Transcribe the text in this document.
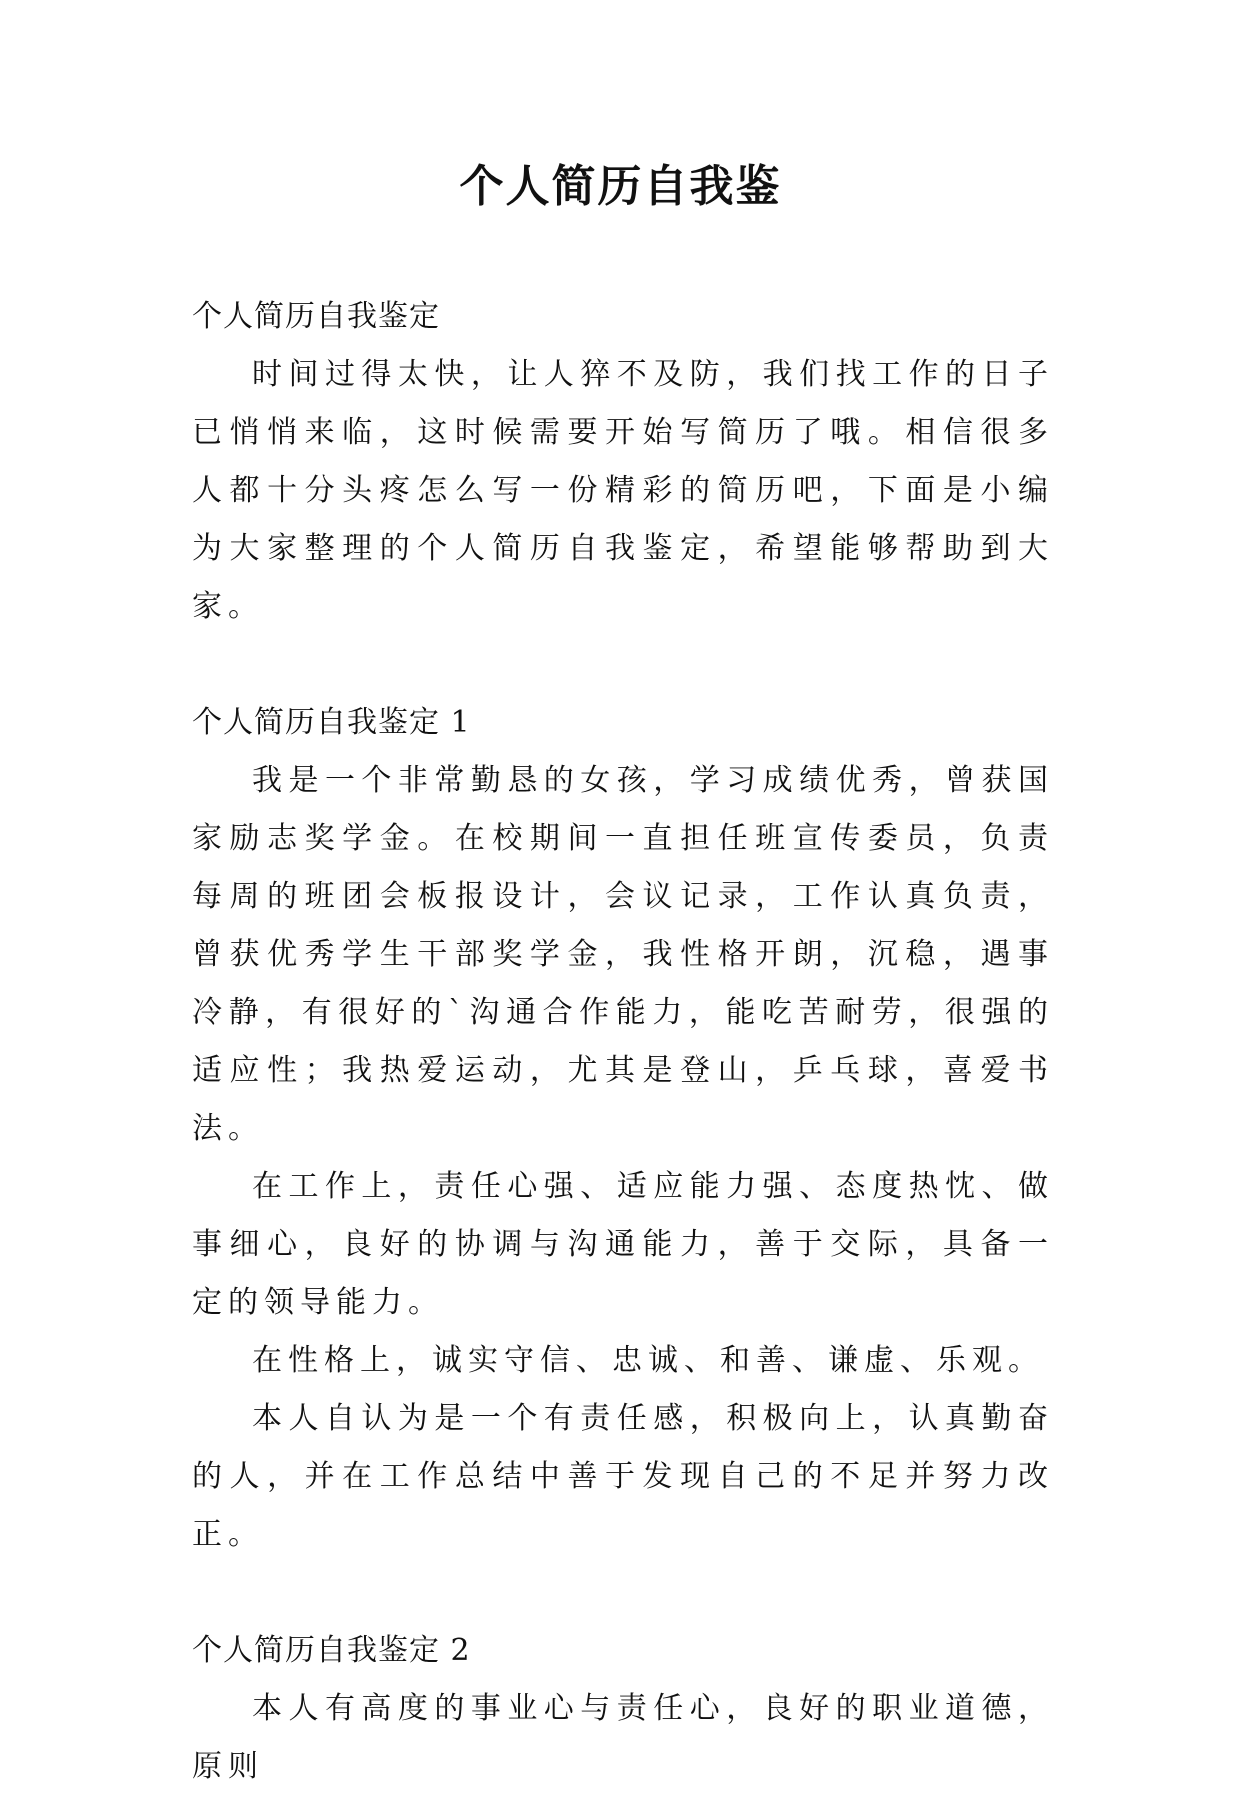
个人简历自我鉴

个人简历自我鉴定

时间过得太快，让人猝不及防，我们找工作的日子已悄悄来临，这时候需要开始写简历了哦。相信很多人都十分头疼怎么写一份精彩的简历吧，下面是小编为大家整理的个人简历自我鉴定，希望能够帮助到大家。

个人简历自我鉴定 1

我是一个非常勤恳的女孩，学习成绩优秀，曾获国家励志奖学金。在校期间一直担任班宣传委员，负责每周的班团会板报设计，会议记录，工作认真负责，曾获优秀学生干部奖学金，我性格开朗，沉稳，遇事冷静，有很好的`沟通合作能力，能吃苦耐劳，很强的适应性；我热爱运动，尤其是登山，乒乓球，喜爱书法。

在工作上，责任心强、适应能力强、态度热忱、做事细心，良好的协调与沟通能力，善于交际，具备一定的领导能力。

在性格上，诚实守信、忠诚、和善、谦虚、乐观。

本人自认为是一个有责任感，积极向上，认真勤奋的人，并在工作总结中善于发现自己的不足并努力改正。

个人简历自我鉴定 2

本人有高度的事业心与责任心，良好的职业道德，原则
